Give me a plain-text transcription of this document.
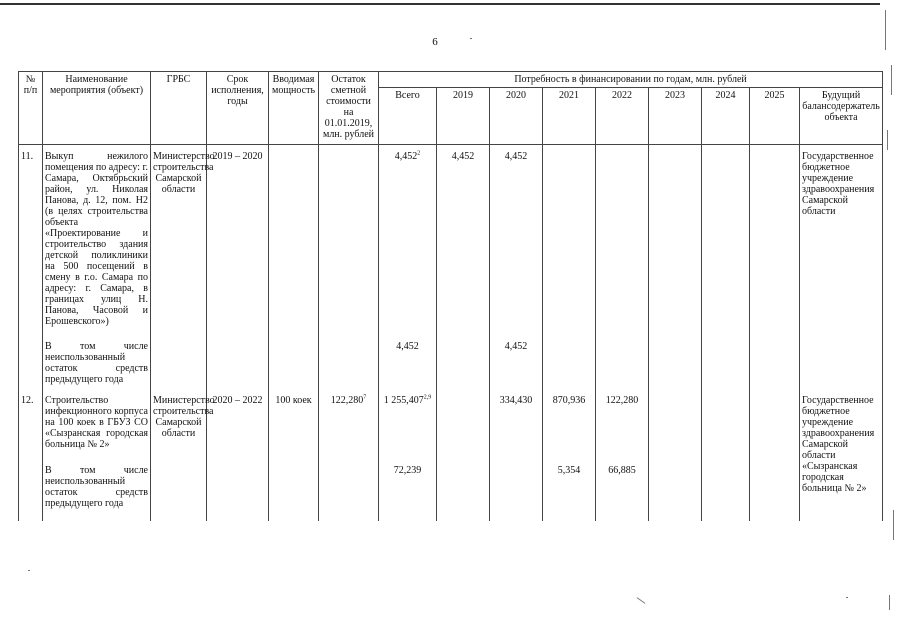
6
№ п/п	Наименование мероприятия (объект)	ГРБС	Срок исполнения, годы	Вводимая мощность	Остаток сметной стоимости на 01.01.2019, млн. рублей	Потребность в финансировании по годам, млн. рублей								
						Всего	2019	2020	2021	2022	2023	2024	2025	Будущий балансодержатель объекта
11.	Выкуп нежилого помещения по адресу: г. Самара, Октябрьский район, ул. Николая Панова, д. 12, пом. Н2 (в целях строительства объекта «Проектирование и строительство здания детской поликлиники на 500 посещений в смену в г.о. Самара по адресу: г. Самара, в границах улиц Н. Панова, Часовой и Ерошевского»)	Министерство строительства Самарской области	2019 – 2020			4,452$^2$	4,452	4,452						Государственное бюджетное учреждение здравоохранения Самарской области
	В том числе неиспользованный остаток средств предыдущего года					4,452		4,452						
12.	Строительство инфекционного корпуса на 100 коек в ГБУЗ СО «Сызранская городская больница № 2»	Министерство строительства Самарской области	2020 – 2022	100 коек	122,280$^7$	1 255,407$^{2,9}$		334,430	870,936	122,280				Государственное бюджетное учреждение здравоохранения Самарской области «Сызранская городская больница № 2»
	В том числе неиспользованный остаток средств предыдущего года					72,239			5,354	66,885				
